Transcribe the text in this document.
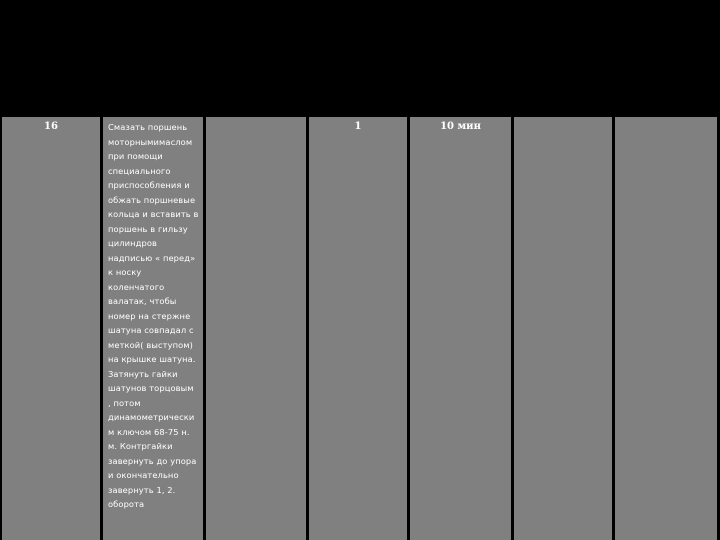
16	Смазать поршень моторнымимаслом при помощи специального приспособления и обжать поршневые кольца и вставить в поршень в гильзу цилиндров надписью « перед» к носку коленчатого валатак, чтобы номер на стержне шатуна совпадал с меткой( выступом) на крышке шатуна. Затянуть гайки шатунов торцовым , потом динамометрически м ключом 68-75 н. м. Контргайки завернуть до упора и окончательно завернуть 1, 2. оборота
1	10 мин
